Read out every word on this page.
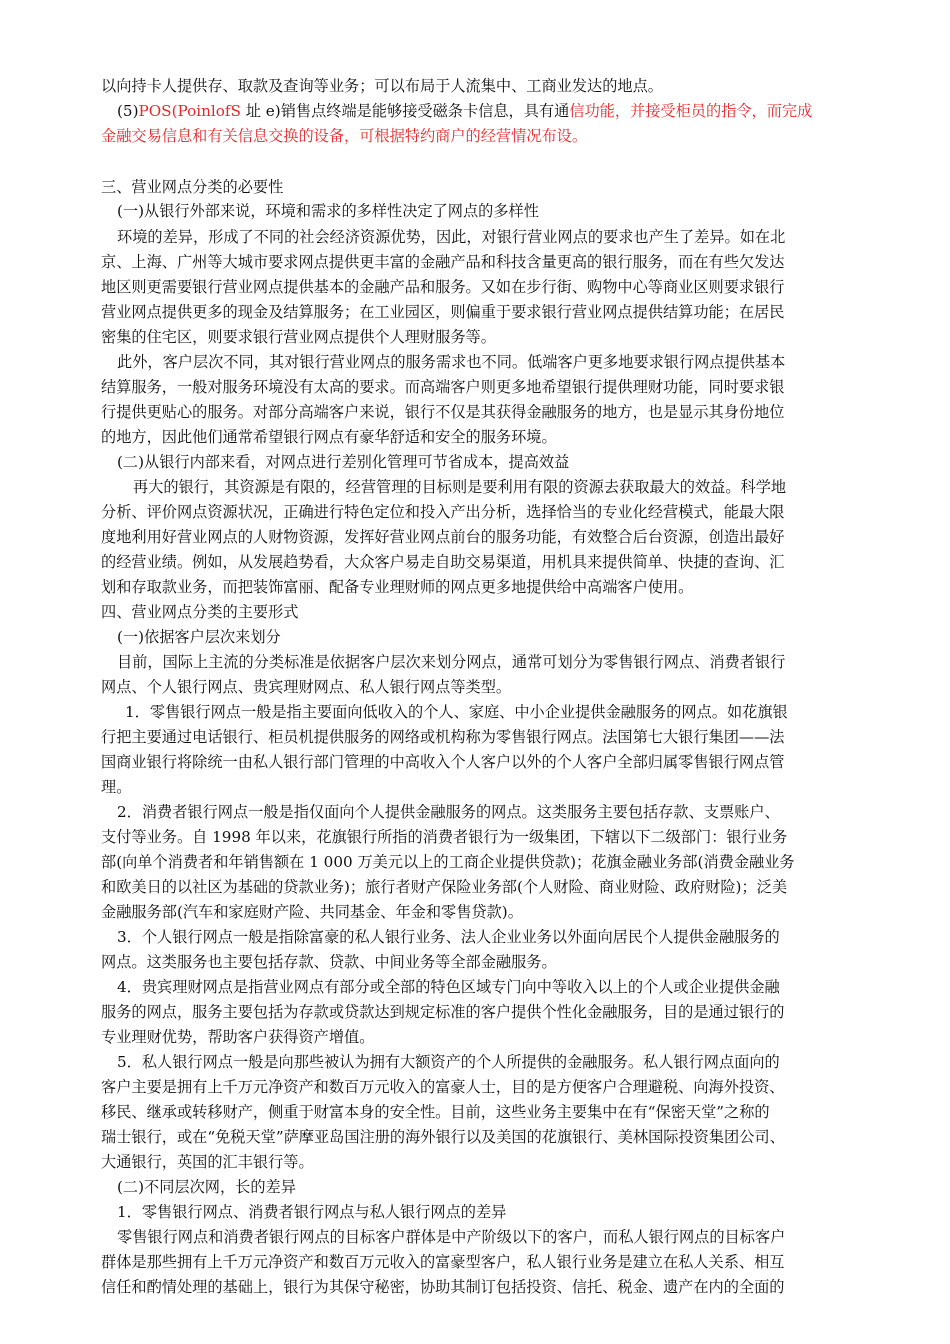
以向持卡人提供存、取款及查询等业务；可以布局于人流集中、工商业发达的地点。
(5)POS(PoinlofS 址 e)销售点终端是能够接受磁条卡信息，具有通信功能，并接受柜员的指令，而完成
金融交易信息和有关信息交换的设备，可根据特约商户的经营情况布设。
三、营业网点分类的必要性
(一)从银行外部来说，环境和需求的多样性决定了网点的多样性
环境的差异，形成了不同的社会经济资源优势，因此，对银行营业网点的要求也产生了差异。如在北
京、上海、广州等大城市要求网点提供更丰富的金融产品和科技含量更高的银行服务，而在有些欠发达
地区则更需要银行营业网点提供基本的金融产品和服务。又如在步行街、购物中心等商业区则要求银行
营业网点提供更多的现金及结算服务；在工业园区，则偏重于要求银行营业网点提供结算功能；在居民
密集的住宅区，则要求银行营业网点提供个人理财服务等。
此外，客户层次不同，其对银行营业网点的服务需求也不同。低端客户更多地要求银行网点提供基本
结算服务，一般对服务环境没有太高的要求。而高端客户则更多地希望银行提供理财功能，同时要求银
行提供更贴心的服务。对部分高端客户来说，银行不仅是其获得金融服务的地方，也是显示其身份地位
的地方，因此他们通常希望银行网点有豪华舒适和安全的服务环境。
(二)从银行内部来看，对网点进行差别化管理可节省成本，提高效益
再大的银行，其资源是有限的，经营管理的目标则是要利用有限的资源去获取最大的效益。科学地
分析、评价网点资源状况，正确进行特色定位和投入产出分析，选择恰当的专业化经营模式，能最大限
度地利用好营业网点的人财物资源，发挥好营业网点前台的服务功能，有效整合后台资源，创造出最好
的经营业绩。例如，从发展趋势看，大众客户易走自助交易渠道，用机具来提供简单、快捷的查询、汇
划和存取款业务，而把装饰富丽、配备专业理财师的网点更多地提供给中高端客户使用。
四、营业网点分类的主要形式
(一)依据客户层次来划分
目前，国际上主流的分类标准是依据客户层次来划分网点，通常可划分为零售银行网点、消费者银行
网点、个人银行网点、贵宾理财网点、私人银行网点等类型。
1．零售银行网点一般是指主要面向低收入的个人、家庭、中小企业提供金融服务的网点。如花旗银
行把主要通过电话银行、柜员机提供服务的网络或机构称为零售银行网点。法国第七大银行集团——法
国商业银行将除统一由私人银行部门管理的中高收入个人客户以外的个人客户全部归属零售银行网点管
理。
2．消费者银行网点一般是指仅面向个人提供金融服务的网点。这类服务主要包括存款、支票账户、
支付等业务。自 1998 年以来，花旗银行所指的消费者银行为一级集团，下辖以下二级部门：银行业务
部(向单个消费者和年销售额在 1 000 万美元以上的工商企业提供贷款)；花旗金融业务部(消费金融业务
和欧美日的以社区为基础的贷款业务)；旅行者财产保险业务部(个人财险、商业财险、政府财险)；泛美
金融服务部(汽车和家庭财产险、共同基金、年金和零售贷款)。
3．个人银行网点一般是指除富豪的私人银行业务、法人企业业务以外面向居民个人提供金融服务的
网点。这类服务也主要包括存款、贷款、中间业务等全部金融服务。
4．贵宾理财网点是指营业网点有部分或全部的特色区域专门向中等收入以上的个人或企业提供金融
服务的网点，服务主要包括为存款或贷款达到规定标准的客户提供个性化金融服务，目的是通过银行的
专业理财优势，帮助客户获得资产增值。
5．私人银行网点一般是向那些被认为拥有大额资产的个人所提供的金融服务。私人银行网点面向的
客户主要是拥有上千万元净资产和数百万元收入的富豪人士，目的是方便客户合理避税、向海外投资、
移民、继承或转移财产，侧重于财富本身的安全性。目前，这些业务主要集中在有“保密天堂”之称的
瑞士银行，或在“免税天堂”萨摩亚岛国注册的海外银行以及美国的花旗银行、美林国际投资集团公司、
大通银行，英国的汇丰银行等。
(二)不同层次网，长的差异
1．零售银行网点、消费者银行网点与私人银行网点的差异
零售银行网点和消费者银行网点的目标客户群体是中产阶级以下的客户，而私人银行网点的目标客户
群体是那些拥有上千万元净资产和数百万元收入的富豪型客户，私人银行业务是建立在私人关系、相互
信任和酌情处理的基础上，银行为其保守秘密，协助其制订包括投资、信托、税金、遗产在内的全面的
